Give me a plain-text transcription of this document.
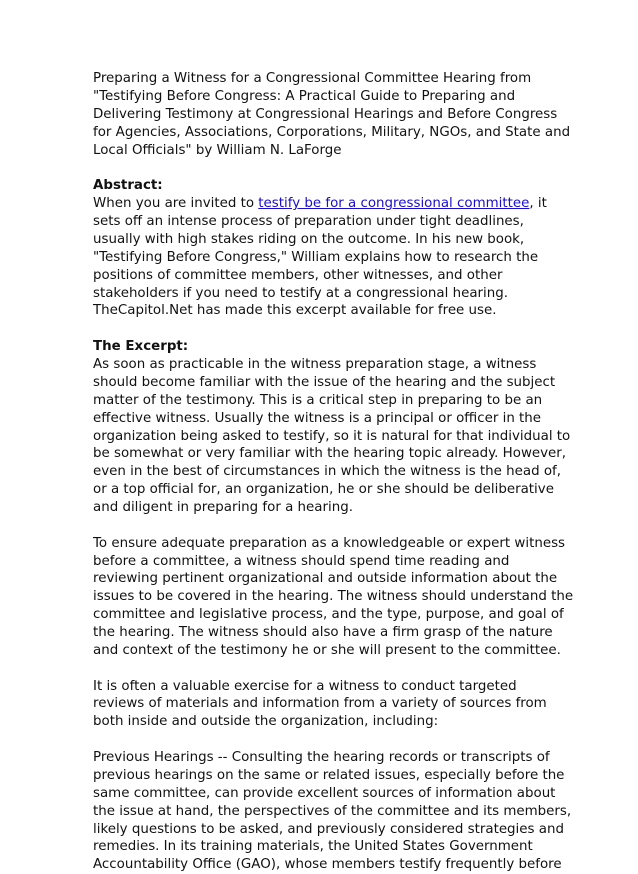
Preparing a Witness for a Congressional Committee Hearing from
"Testifying Before Congress: A Practical Guide to Preparing and
Delivering Testimony at Congressional Hearings and Before Congress
for Agencies, Associations, Corporations, Military, NGOs, and State and
Local Officials" by William N. LaForge
Abstract:
When you are invited to testify be for a congressional committee, it
sets off an intense process of preparation under tight deadlines,
usually with high stakes riding on the outcome. In his new book,
"Testifying Before Congress," William explains how to research the
positions of committee members, other witnesses, and other
stakeholders if you need to testify at a congressional hearing.
TheCapitol.Net has made this excerpt available for free use.
The Excerpt:
As soon as practicable in the witness preparation stage, a witness
should become familiar with the issue of the hearing and the subject
matter of the testimony. This is a critical step in preparing to be an
effective witness. Usually the witness is a principal or officer in the
organization being asked to testify, so it is natural for that individual to
be somewhat or very familiar with the hearing topic already. However,
even in the best of circumstances in which the witness is the head of,
or a top official for, an organization, he or she should be deliberative
and diligent in preparing for a hearing.
To ensure adequate preparation as a knowledgeable or expert witness
before a committee, a witness should spend time reading and
reviewing pertinent organizational and outside information about the
issues to be covered in the hearing. The witness should understand the
committee and legislative process, and the type, purpose, and goal of
the hearing. The witness should also have a firm grasp of the nature
and context of the testimony he or she will present to the committee.
It is often a valuable exercise for a witness to conduct targeted
reviews of materials and information from a variety of sources from
both inside and outside the organization, including:
Previous Hearings -- Consulting the hearing records or transcripts of
previous hearings on the same or related issues, especially before the
same committee, can provide excellent sources of information about
the issue at hand, the perspectives of the committee and its members,
likely questions to be asked, and previously considered strategies and
remedies. In its training materials, the United States Government
Accountability Office (GAO), whose members testify frequently before
